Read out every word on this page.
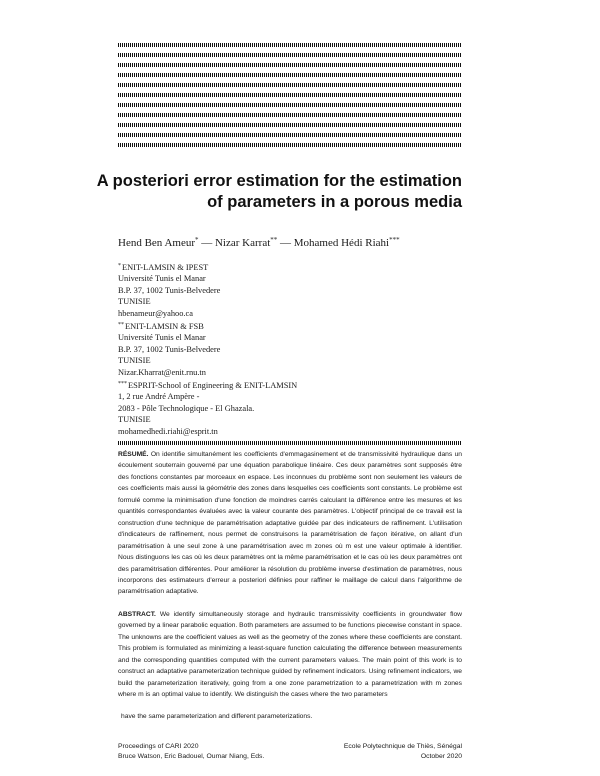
A posteriori error estimation for the estimation
of parameters in a porous media
Hend Ben Ameur* — Nizar Karrat** — Mohamed Hédi Riahi***
*ENIT-LAMSIN & IPEST
Université Tunis el Manar
B.P. 37, 1002 Tunis-Belvedere
TUNISIE
hbenameur@yahoo.ca
**ENIT-LAMSIN & FSB
Université Tunis el Manar
B.P. 37, 1002 Tunis-Belvedere
TUNISIE
Nizar.Kharrat@enit.rnu.tn
***ESPRIT-School of Engineering & ENIT-LAMSIN
1, 2 rue André Ampère -
2083 - Pôle Technologique - El Ghazala.
TUNISIE
mohamedhedi.riahi@esprit.tn

RÉSUMÉ. On identifie simultanément les coefficients d'emmagasinement et de transmissivité hydraulique dans un écoulement souterrain gouverné par une équation parabolique linéaire. Ces deux paramètres sont supposés être des fonctions constantes par morceaux en espace. Les inconnues du problème sont non seulement les valeurs de ces coefficients mais aussi la géométrie des zones dans lesquelles ces coefficients sont constants. Le problème est formulé comme la minimisation d'une fonction de moindres carrés calculant la différence entre les mesures et les quantités correspondantes évaluées avec la valeur courante des paramètres. L'objectif principal de ce travail est la construction d'une technique de paramétrisation adaptative guidée par des indicateurs de raffinement. L'utilisation d'indicateurs de raffinement, nous permet de construisons la paramétrisation de façon itérative, on allant d'un paramétrisation à une seul zone à une paramétrisation avec m zones où m est une valeur optimale à identifier. Nous distinguons les cas où les deux paramètres ont la même paramétrisation et le cas où les deux paramètres ont des paramétrisation différentes. Pour améliorer la résolution du problème inverse d'estimation de paramètres, nous incorporons des estimateurs d'erreur a posteriori définies pour raffiner le maillage de calcul dans l'algorithme de paramétrisation adaptative.

ABSTRACT. We identify simultaneously storage and hydraulic transmissivity coefficients in groundwater flow governed by a linear parabolic equation. Both parameters are assumed to be functions piecewise constant in space. The unknowns are the coefficient values as well as the geometry of the zones where these coefficients are constant. This problem is formulated as minimizing a least-square function calculating the difference between measurements and the corresponding quantities computed with the current parameters values. The main point of this work is to construct an adaptative parameterization technique guided by refinement indicators. Using refinement indicators, we build the parameterization iteratively, going from a one zone parametrization to a parametrization with m zones where m is an optimal value to identify. We distinguish the cases where the two parameters

have the same parameterization and different parameterizations.
Proceedings of CARI 2020
Bruce Watson, Eric Badouel, Oumar Niang, Eds.
Ecole Polytechnique de Thiès, Sénégal
October 2020
